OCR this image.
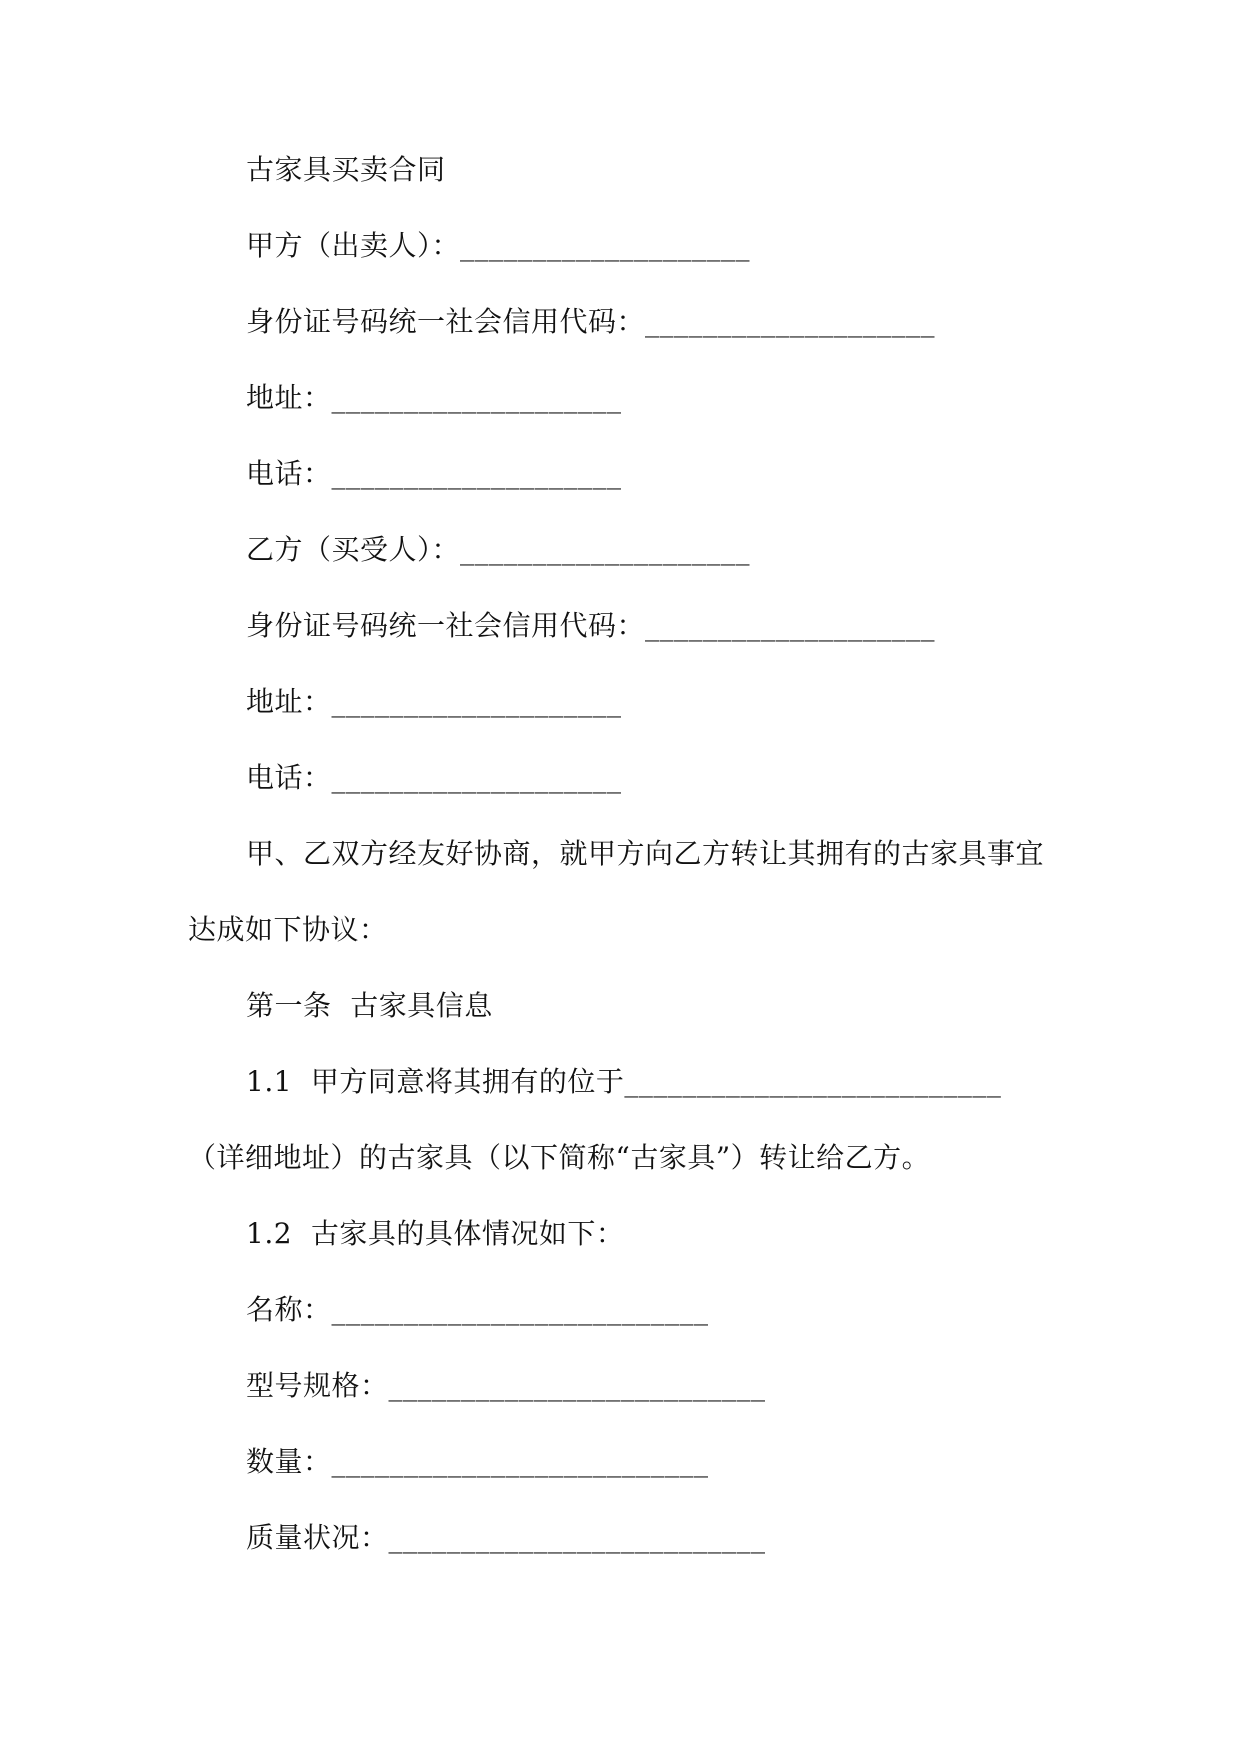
古家具买卖合同
甲方（出卖人）：____________________
身份证号码统一社会信用代码：____________________
地址：____________________
电话：____________________
乙方（买受人）：____________________
身份证号码统一社会信用代码：____________________
地址：____________________
电话：____________________
甲、乙双方经友好协商，就甲方向乙方转让其拥有的古家具事宜
达成如下协议：
第一条  古家具信息
1.1  甲方同意将其拥有的位于__________________________
（详细地址）的古家具（以下简称“古家具”）转让给乙方。
1.2  古家具的具体情况如下：
名称：__________________________
型号规格：__________________________
数量：__________________________
质量状况：__________________________
